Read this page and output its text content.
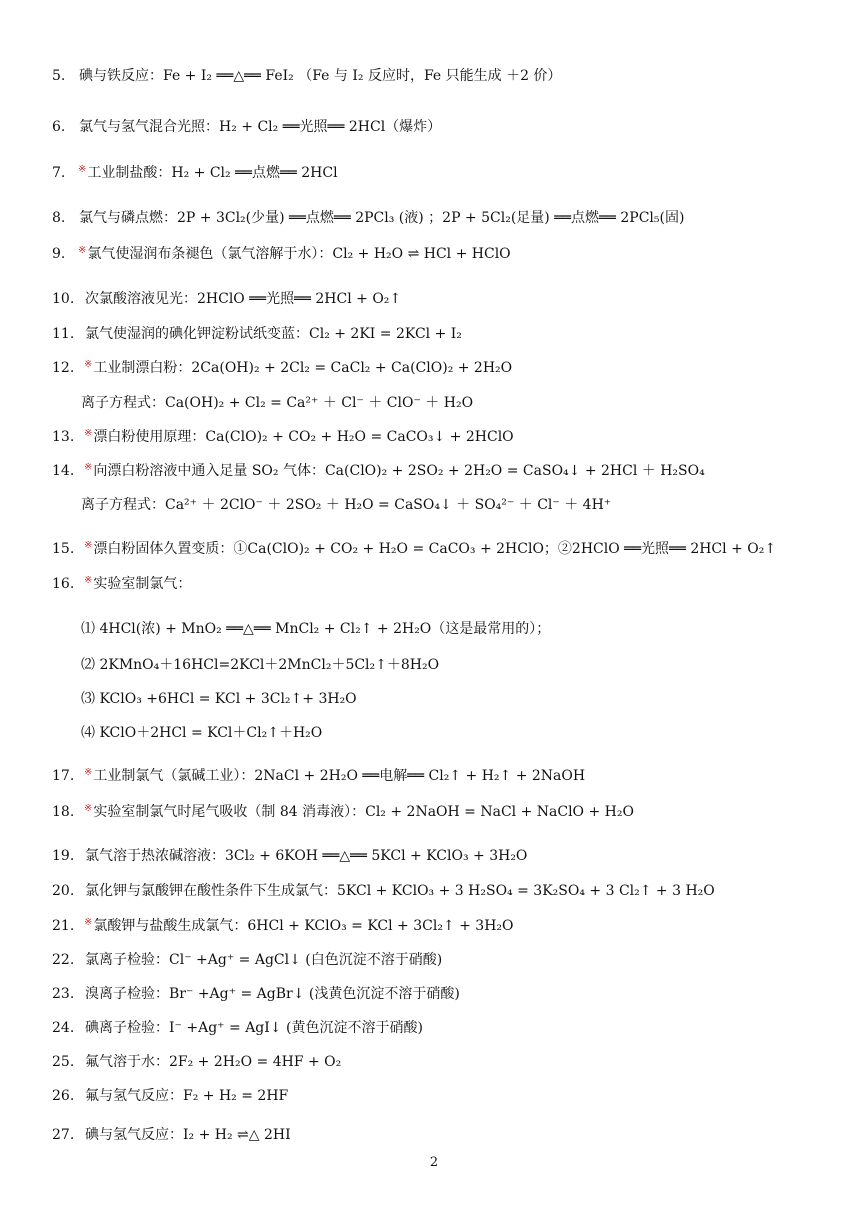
5. 碘与铁反应：Fe + I₂ ══△══ FeI₂ （Fe 与 I₂ 反应时，Fe 只能生成 ＋2 价）
6. 氯气与氢气混合光照：H₂ + Cl₂ ══光照══ 2HCl（爆炸）
7. ※工业制盐酸：H₂ + Cl₂ ══点燃══ 2HCl
8. 氯气与磷点燃：2P + 3Cl₂(少量) ══点燃══ 2PCl₃ (液) ；2P + 5Cl₂(足量) ══点燃══ 2PCl₅(固)
9. ※氯气使湿润布条褪色（氯气溶解于水）：Cl₂ + H₂O ⇌ HCl + HClO
10. 次氯酸溶液见光：2HClO ══光照══ 2HCl + O₂↑
11. 氯气使湿润的碘化钾淀粉试纸变蓝：Cl₂ + 2KI = 2KCl + I₂
12. ※工业制漂白粉：2Ca(OH)₂ + 2Cl₂ = CaCl₂ + Ca(ClO)₂ + 2H₂O
离子方程式：Ca(OH)₂ + Cl₂ = Ca²⁺ ＋ Cl⁻ ＋ ClO⁻ ＋ H₂O
13. ※漂白粉使用原理：Ca(ClO)₂ + CO₂ + H₂O = CaCO₃↓ + 2HClO
14. ※向漂白粉溶液中通入足量 SO₂ 气体：Ca(ClO)₂ + 2SO₂ + 2H₂O = CaSO₄↓ + 2HCl ＋ H₂SO₄
离子方程式：Ca²⁺ ＋ 2ClO⁻ ＋ 2SO₂ ＋ H₂O = CaSO₄↓ ＋ SO₄²⁻ ＋ Cl⁻ ＋ 4H⁺
15. ※漂白粉固体久置变质：①Ca(ClO)₂ + CO₂ + H₂O = CaCO₃ + 2HClO；②2HClO ══光照══ 2HCl + O₂↑
16. ※实验室制氯气：
⑴ 4HCl(浓) + MnO₂ ══△══ MnCl₂ + Cl₂↑ + 2H₂O（这是最常用的）；
⑵ 2KMnO₄＋16HCl=2KCl＋2MnCl₂＋5Cl₂↑＋8H₂O
⑶ KClO₃ +6HCl = KCl + 3Cl₂↑+ 3H₂O
⑷ KClO＋2HCl = KCl＋Cl₂↑＋H₂O
17. ※工业制氯气（氯碱工业）：2NaCl + 2H₂O ══电解══ Cl₂↑ + H₂↑ + 2NaOH
18. ※实验室制氯气时尾气吸收（制 84 消毒液）：Cl₂ + 2NaOH = NaCl + NaClO + H₂O
19. 氯气溶于热浓碱溶液：3Cl₂ + 6KOH ══△══ 5KCl + KClO₃ + 3H₂O
20. 氯化钾与氯酸钾在酸性条件下生成氯气：5KCl + KClO₃ + 3 H₂SO₄ = 3K₂SO₄ + 3 Cl₂↑ + 3 H₂O
21. ※氯酸钾与盐酸生成氯气：6HCl + KClO₃ = KCl + 3Cl₂↑ + 3H₂O
22. 氯离子检验：Cl⁻ +Ag⁺ = AgCl↓ (白色沉淀不溶于硝酸)
23. 溴离子检验：Br⁻ +Ag⁺ = AgBr↓ (浅黄色沉淀不溶于硝酸)
24. 碘离子检验：I⁻ +Ag⁺ = AgI↓ (黄色沉淀不溶于硝酸)
25. 氟气溶于水：2F₂ + 2H₂O = 4HF + O₂
26. 氟与氢气反应：F₂ + H₂ = 2HF
27. 碘与氢气反应：I₂ + H₂ ⇌△ 2HI
2
